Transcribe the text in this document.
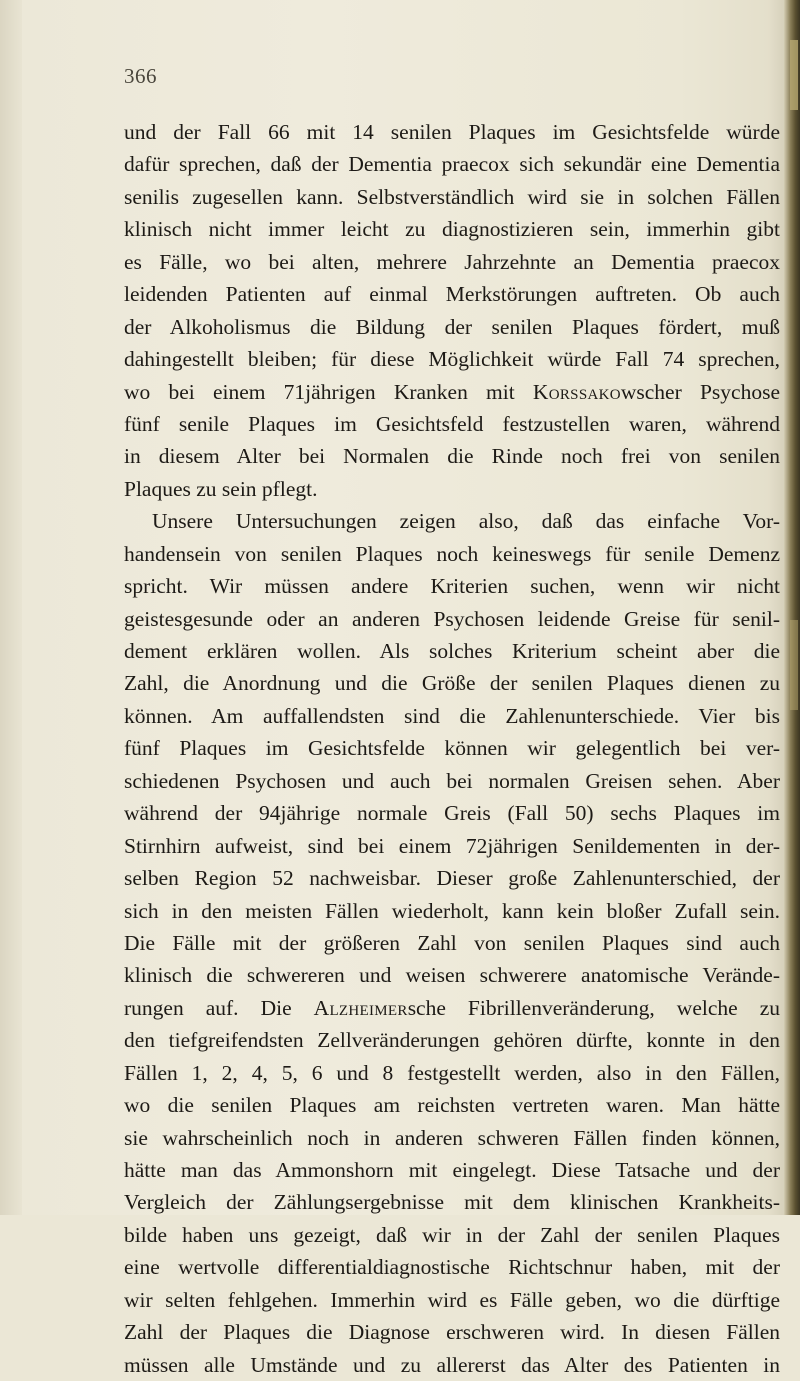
366
und der Fall 66 mit 14 senilen Plaques im Gesichtsfelde würde
dafür sprechen, daß der Dementia praecox sich sekundär eine Dementia
senilis zugesellen kann. Selbstverständlich wird sie in solchen Fällen
klinisch nicht immer leicht zu diagnostizieren sein, immerhin gibt
es Fälle, wo bei alten, mehrere Jahrzehnte an Dementia praecox
leidenden Patienten auf einmal Merkstörungen auftreten. Ob auch
der Alkoholismus die Bildung der senilen Plaques fördert, muß
dahingestellt bleiben; für diese Möglichkeit würde Fall 74 sprechen,
wo bei einem 71jährigen Kranken mit Korssakowscher Psychose
fünf senile Plaques im Gesichtsfeld festzustellen waren, während
in diesem Alter bei Normalen die Rinde noch frei von senilen
Plaques zu sein pflegt.
Unsere Untersuchungen zeigen also, daß das einfache Vor-
handensein von senilen Plaques noch keineswegs für senile Demenz
spricht. Wir müssen andere Kriterien suchen, wenn wir nicht
geistesgesunde oder an anderen Psychosen leidende Greise für senil-
dement erklären wollen. Als solches Kriterium scheint aber die
Zahl, die Anordnung und die Größe der senilen Plaques dienen zu
können. Am auffallendsten sind die Zahlenunterschiede. Vier bis
fünf Plaques im Gesichtsfelde können wir gelegentlich bei ver-
schiedenen Psychosen und auch bei normalen Greisen sehen. Aber
während der 94jährige normale Greis (Fall 50) sechs Plaques im
Stirnhirn aufweist, sind bei einem 72jährigen Senildementen in der-
selben Region 52 nachweisbar. Dieser große Zahlenunterschied, der
sich in den meisten Fällen wiederholt, kann kein bloßer Zufall sein.
Die Fälle mit der größeren Zahl von senilen Plaques sind auch
klinisch die schwereren und weisen schwerere anatomische Verände-
rungen auf. Die Alzheimersche Fibrillenveränderung, welche zu
den tiefgreifendsten Zellveränderungen gehören dürfte, konnte in den
Fällen 1, 2, 4, 5, 6 und 8 festgestellt werden, also in den Fällen,
wo die senilen Plaques am reichsten vertreten waren. Man hätte
sie wahrscheinlich noch in anderen schweren Fällen finden können,
hätte man das Ammonshorn mit eingelegt. Diese Tatsache und der
Vergleich der Zählungsergebnisse mit dem klinischen Krankheits-
bilde haben uns gezeigt, daß wir in der Zahl der senilen Plaques
eine wertvolle differentialdiagnostische Richtschnur haben, mit der
wir selten fehlgehen. Immerhin wird es Fälle geben, wo die dürftige
Zahl der Plaques die Diagnose erschweren wird. In diesen Fällen
müssen alle Umstände und zu allererst das Alter des Patienten in
